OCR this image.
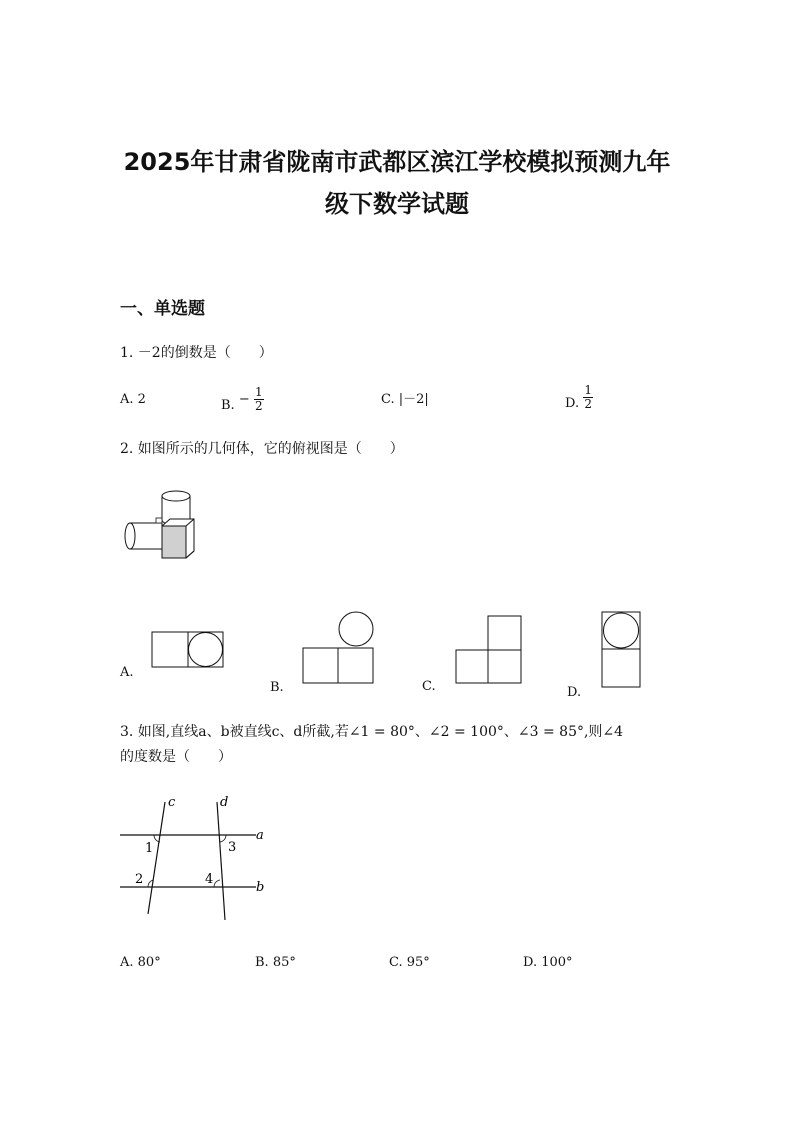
2025年甘肃省陇南市武都区滨江学校模拟预测九年
级下数学试题
一、单选题
1. －2的倒数是（　　）
A. 2	B. − $\frac{1}{2}$	C. |－2|	D. $\frac{1}{2}$
2. 如图所示的几何体，它的俯视图是（　　）
A.
B.	C.	D.
3. 如图,直线a、b被直线c、d所截,若∠1 = 80°、∠2 = 100°、∠3 = 85°,则∠4
的度数是（　　）
c	d
a
b
1
2
3
4
A. 80°	B. 85°	C. 95°	D. 100°
